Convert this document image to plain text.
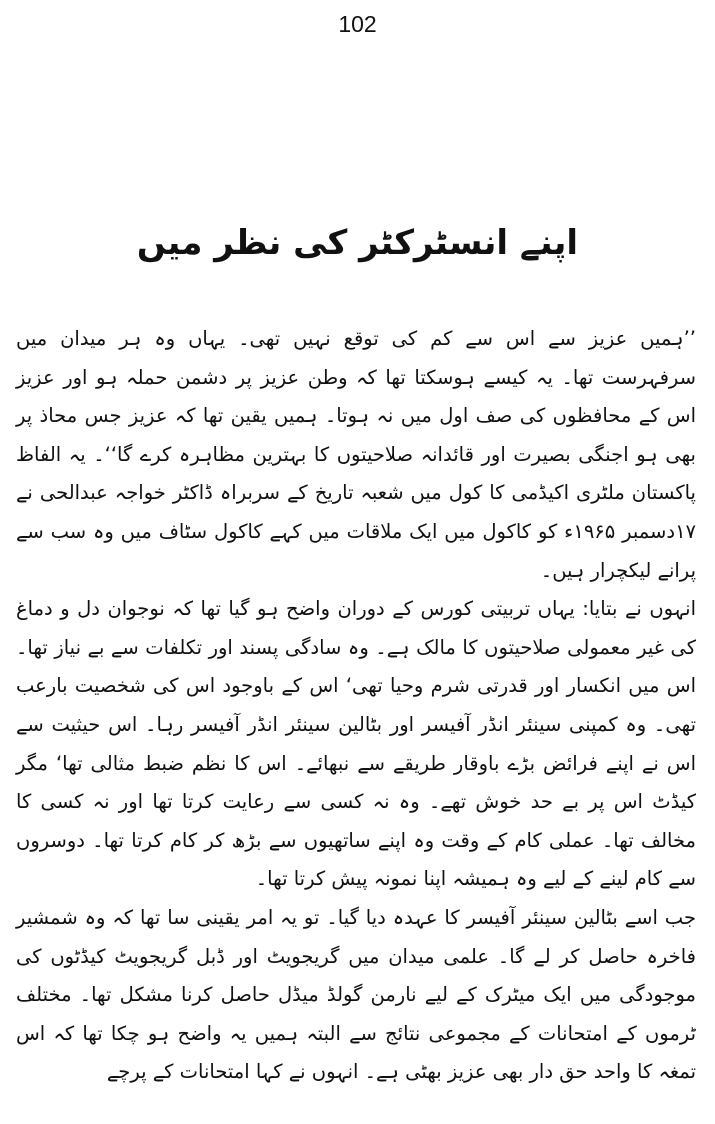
102
اپنے انسٹرکٹر کی نظر میں

’’ہمیں عزیز سے اس سے کم کی توقع نہیں تھی۔ یہاں وہ ہر میدان میں سرفہرست تھا۔ یہ کیسے ہوسکتا تھا کہ وطن عزیز پر دشمن حملہ ہو اور عزیز اس کے محافظوں کی صف اول میں نہ ہوتا۔ ہمیں یقین تھا کہ عزیز جس محاذ پر بھی ہو اجنگی بصیرت اور قائدانہ صلاحیتوں کا بہترین مظاہرہ کرے گا‘‘۔ یہ الفاظ پاکستان ملٹری اکیڈمی کا کول میں شعبہ تاریخ کے سربراہ ڈاکٹر خواجہ عبدالحی نے ۱۷دسمبر ۱۹۶۵ء کو کاکول میں ایک ملاقات میں کہے کاکول سٹاف میں وہ سب سے پرانے لیکچرار ہیں۔

انہوں نے بتایا: یہاں تربیتی کورس کے دوران واضح ہو گیا تھا کہ نوجوان دل و دماغ کی غیر معمولی صلاحیتوں کا مالک ہے۔ وہ سادگی پسند اور تکلفات سے بے نیاز تھا۔ اس میں انکسار اور قدرتی شرم وحیا تھی‘ اس کے باوجود اس کی شخصیت بارعب تھی۔ وہ کمپنی سینئر انڈر آفیسر اور بٹالین سینئر انڈر آفیسر رہا۔ اس حیثیت سے اس نے اپنے فرائض بڑے باوقار طریقے سے نبھائے۔ اس کا نظم ضبط مثالی تھا‘ مگر کیڈٹ اس پر بے حد خوش تھے۔ وہ نہ کسی سے رعایت کرتا تھا اور نہ کسی کا مخالف تھا۔ عملی کام کے وقت وہ اپنے ساتھیوں سے بڑھ کر کام کرتا تھا۔ دوسروں سے کام لینے کے لیے وہ ہمیشہ اپنا نمونہ پیش کرتا تھا۔

جب اسے بٹالین سینئر آفیسر کا عہدہ دیا گیا۔ تو یہ امر یقینی سا تھا کہ وہ شمشیر فاخرہ حاصل کر لے گا۔ علمی میدان میں گریجویٹ اور ڈبل گریجویٹ کیڈٹوں کی موجودگی میں ایک میٹرک کے لیے نارمن گولڈ میڈل حاصل کرنا مشکل تھا۔ مختلف ٹرموں کے امتحانات کے مجموعی نتائج سے البتہ ہمیں یہ واضح ہو چکا تھا کہ اس تمغہ کا واحد حق دار بھی عزیز بھٹی ہے۔ انہوں نے کہا امتحانات کے پرچے
